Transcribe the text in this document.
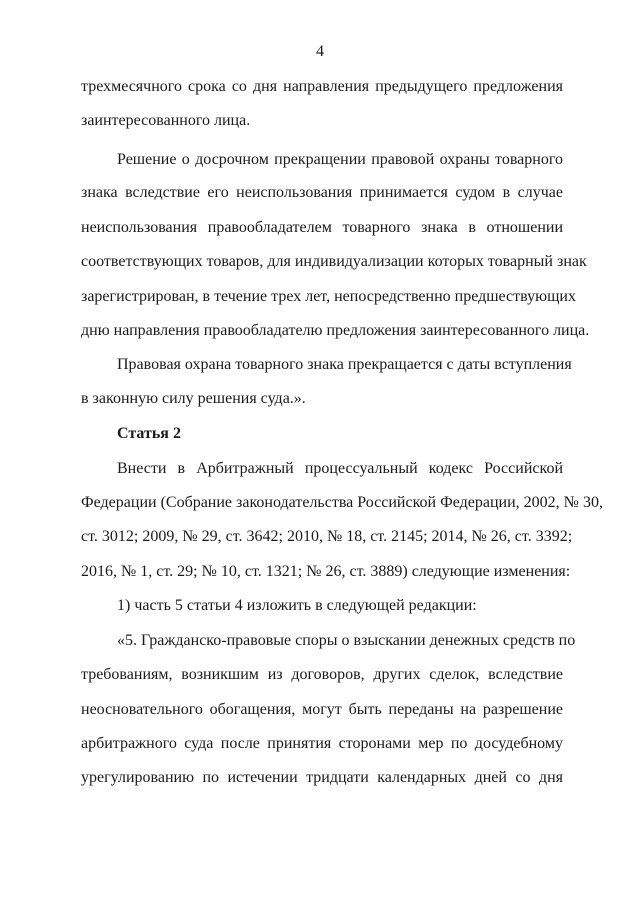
4
трехмесячного срока со дня направления предыдущего предложения
заинтересованного лица.
Решение о досрочном прекращении правовой охраны товарного
знака вследствие его неиспользования принимается судом в случае
неиспользования правообладателем товарного знака в отношении
соответствующих товаров, для индивидуализации которых товарный знак
зарегистрирован, в течение трех лет, непосредственно предшествующих
дню направления правообладателю предложения заинтересованного лица.
Правовая охрана товарного знака прекращается с даты вступления
в законную силу решения суда.».
Статья 2
Внести в Арбитражный процессуальный кодекс Российской
Федерации (Собрание законодательства Российской Федерации, 2002, № 30,
ст. 3012; 2009, № 29, ст. 3642; 2010, № 18, ст. 2145; 2014, № 26, ст. 3392;
2016, № 1, ст. 29; № 10, ст. 1321; № 26, ст. 3889) следующие изменения:
1) часть 5 статьи 4 изложить в следующей редакции:
«5. Гражданско-правовые споры о взыскании денежных средств по
требованиям, возникшим из договоров, других сделок, вследствие
неосновательного обогащения, могут быть переданы на разрешение
арбитражного суда после принятия сторонами мер по досудебному
урегулированию по истечении тридцати календарных дней со дня
